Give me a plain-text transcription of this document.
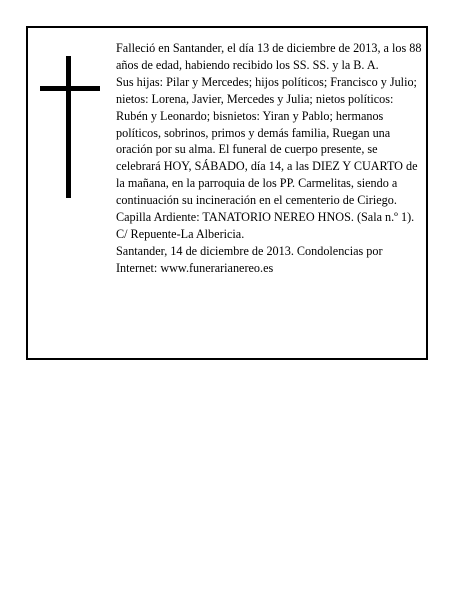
Falleció en Santander, el día 13 de diciembre de 2013, a los 88 años de edad, habiendo recibido los SS. SS. y la B. A.

Sus hijas: Pilar y Mercedes; hijos políticos; Francisco y Julio; nietos: Lorena, Javier, Mercedes y Julia; nietos políticos: Rubén y Leonardo; bisnietos: Yiran y Pablo; hermanos políticos, sobrinos, primos y demás familia, Ruegan una oración por su alma. El funeral de cuerpo presente, se celebrará HOY, SÁBADO, día 14, a las DIEZ Y CUARTO de la mañana, en la parroquia de los PP. Carmelitas, siendo a continuación su incineración en el cementerio de Ciriego. Capilla Ardiente: TANATORIO NEREO HNOS. (Sala n.º 1). C/ Repuente-La Albericia.

Santander, 14 de diciembre de 2013. Condolencias por Internet: www.funerarianereo.es
